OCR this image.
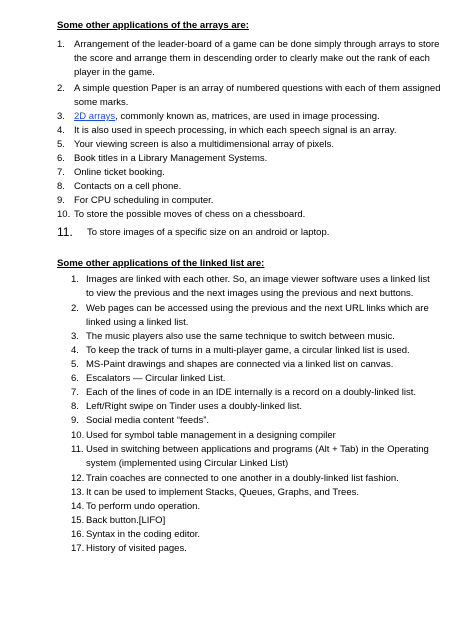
Some other applications of the arrays are:
1. Arrangement of the leader-board of a game can be done simply through arrays to store
the score and arrange them in descending order to clearly make out the rank of each
player in the game.
2. A simple question Paper is an array of numbered questions with each of them assigned
some marks.
3. 2D arrays, commonly known as, matrices, are used in image processing.
4. It is also used in speech processing, in which each speech signal is an array.
5. Your viewing screen is also a multidimensional array of pixels.
6. Book titles in a Library Management Systems.
7. Online ticket booking.
8. Contacts on a cell phone.
9. For CPU scheduling in computer.
10. To store the possible moves of chess on a chessboard.
11. To store images of a specific size on an android or laptop.
Some other applications of the linked list are:
1. Images are linked with each other. So, an image viewer software uses a linked list
to view the previous and the next images using the previous and next buttons.
2. Web pages can be accessed using the previous and the next URL links which are
linked using a linked list.
3. The music players also use the same technique to switch between music.
4. To keep the track of turns in a multi-player game, a circular linked list is used.
5. MS-Paint drawings and shapes are connected via a linked list on canvas.
6. Escalators — Circular linked List.
7. Each of the lines of code in an IDE internally is a record on a doubly-linked list.
8. Left/Right swipe on Tinder uses a doubly-linked list.
9. Social media content “feeds”.
10. Used for symbol table management in a designing compiler
11. Used in switching between applications and programs (Alt + Tab) in the Operating
system (implemented using Circular Linked List)
12. Train coaches are connected to one another in a doubly-linked list fashion.
13. It can be used to implement Stacks, Queues, Graphs, and Trees.
14. To perform undo operation.
15. Back button.[LIFO]
16. Syntax in the coding editor.
17. History of visited pages.
